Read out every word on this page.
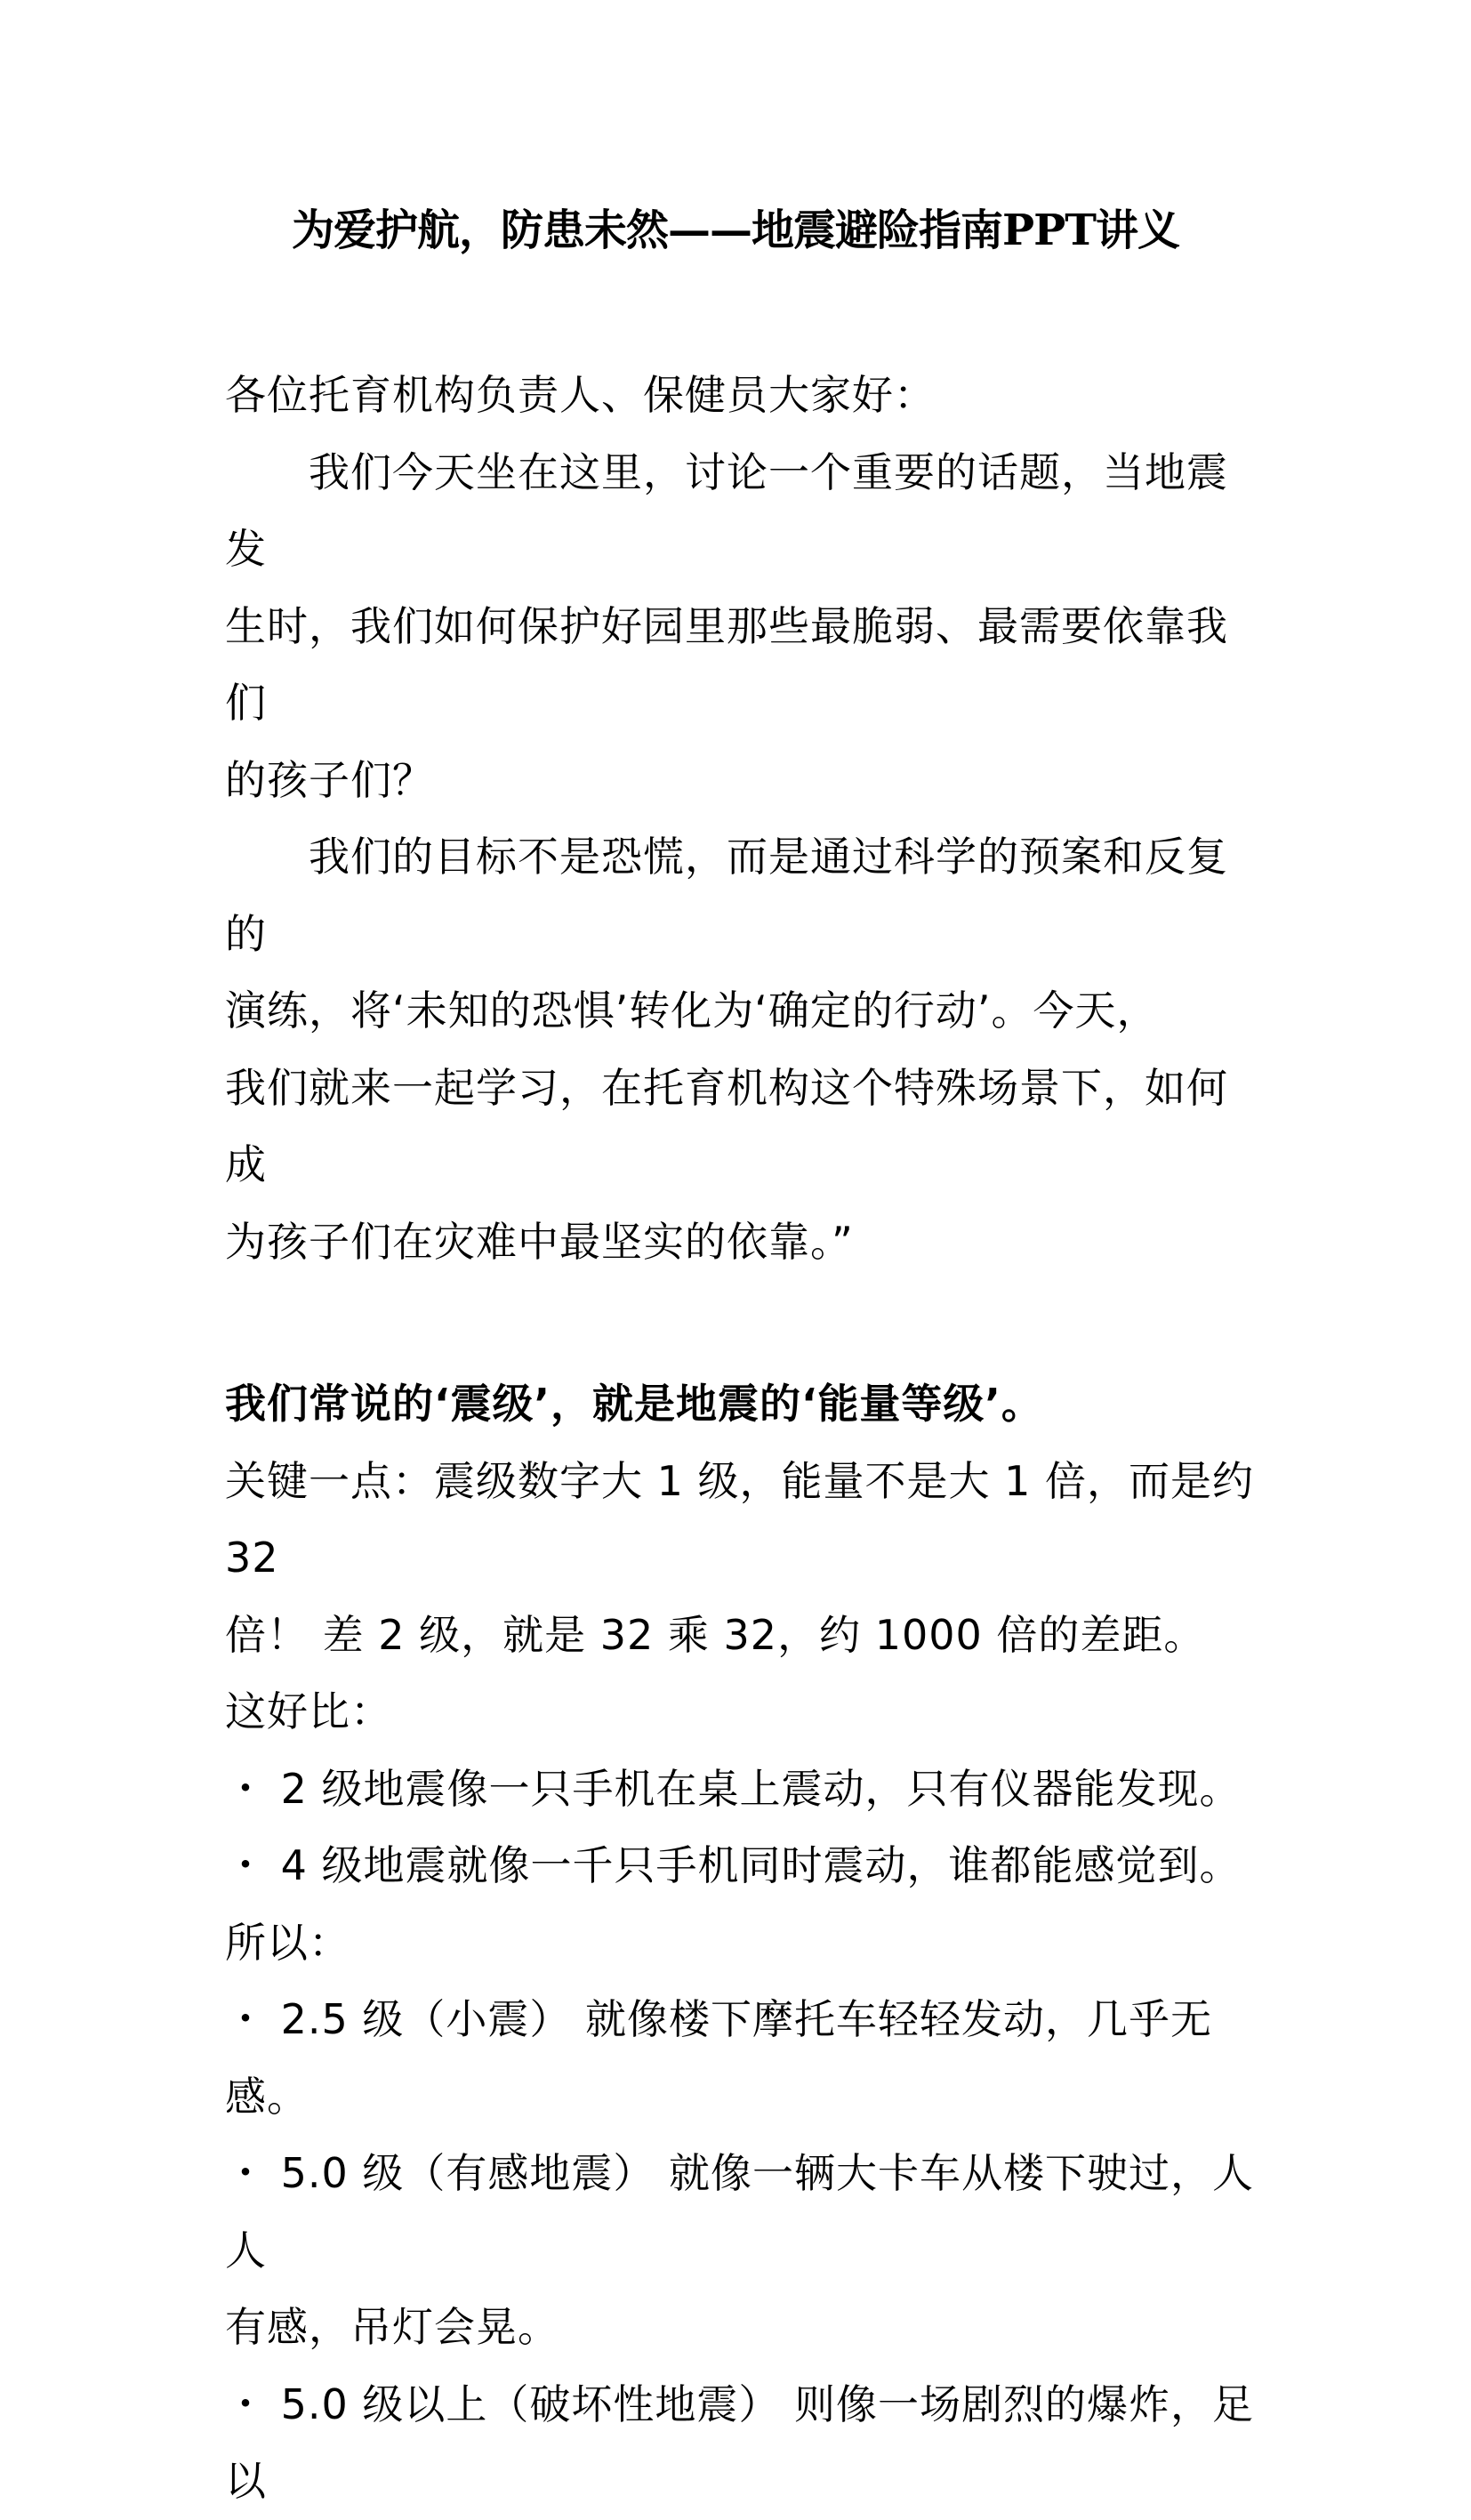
为爱护航，防患未然——地震避险指南PPT讲义
各位托育机构负责人、保健员大家好：
　　我们今天坐在这里，讨论一个重要的话题，当地震发
生时，我们如何保护好园里那些最脆弱、最需要依靠我们
的孩子们？
　　我们的目标不是恐慌，而是通过科学的预案和反复的
演练，将‘未知的恐惧’转化为‘确定的行动’。今天，
我们就来一起学习，在托育机构这个特殊场景下，如何成
为孩子们在灾难中最坚实的依靠。”
我们常说的‘震级’，就是地震的‘能量等级’。
关键一点：震级数字大 1 级，能量不是大 1 倍，而是约 32
倍！ 差 2 级，就是 32 乘 32，约 1000 倍的差距。
这好比：
・ 2 级地震像一只手机在桌上震动，只有仪器能发现。
・ 4 级地震就像一千只手机同时震动，谁都能感觉到。
所以：
・ 2.5 级（小震） 就像楼下摩托车轻轻发动，几乎无感。
・ 5.0 级（有感地震） 就像一辆大卡车从楼下驶过，人人
有感，吊灯会晃。
・ 5.0 级以上（破坏性地震） 则像一场剧烈的爆炸，足以
